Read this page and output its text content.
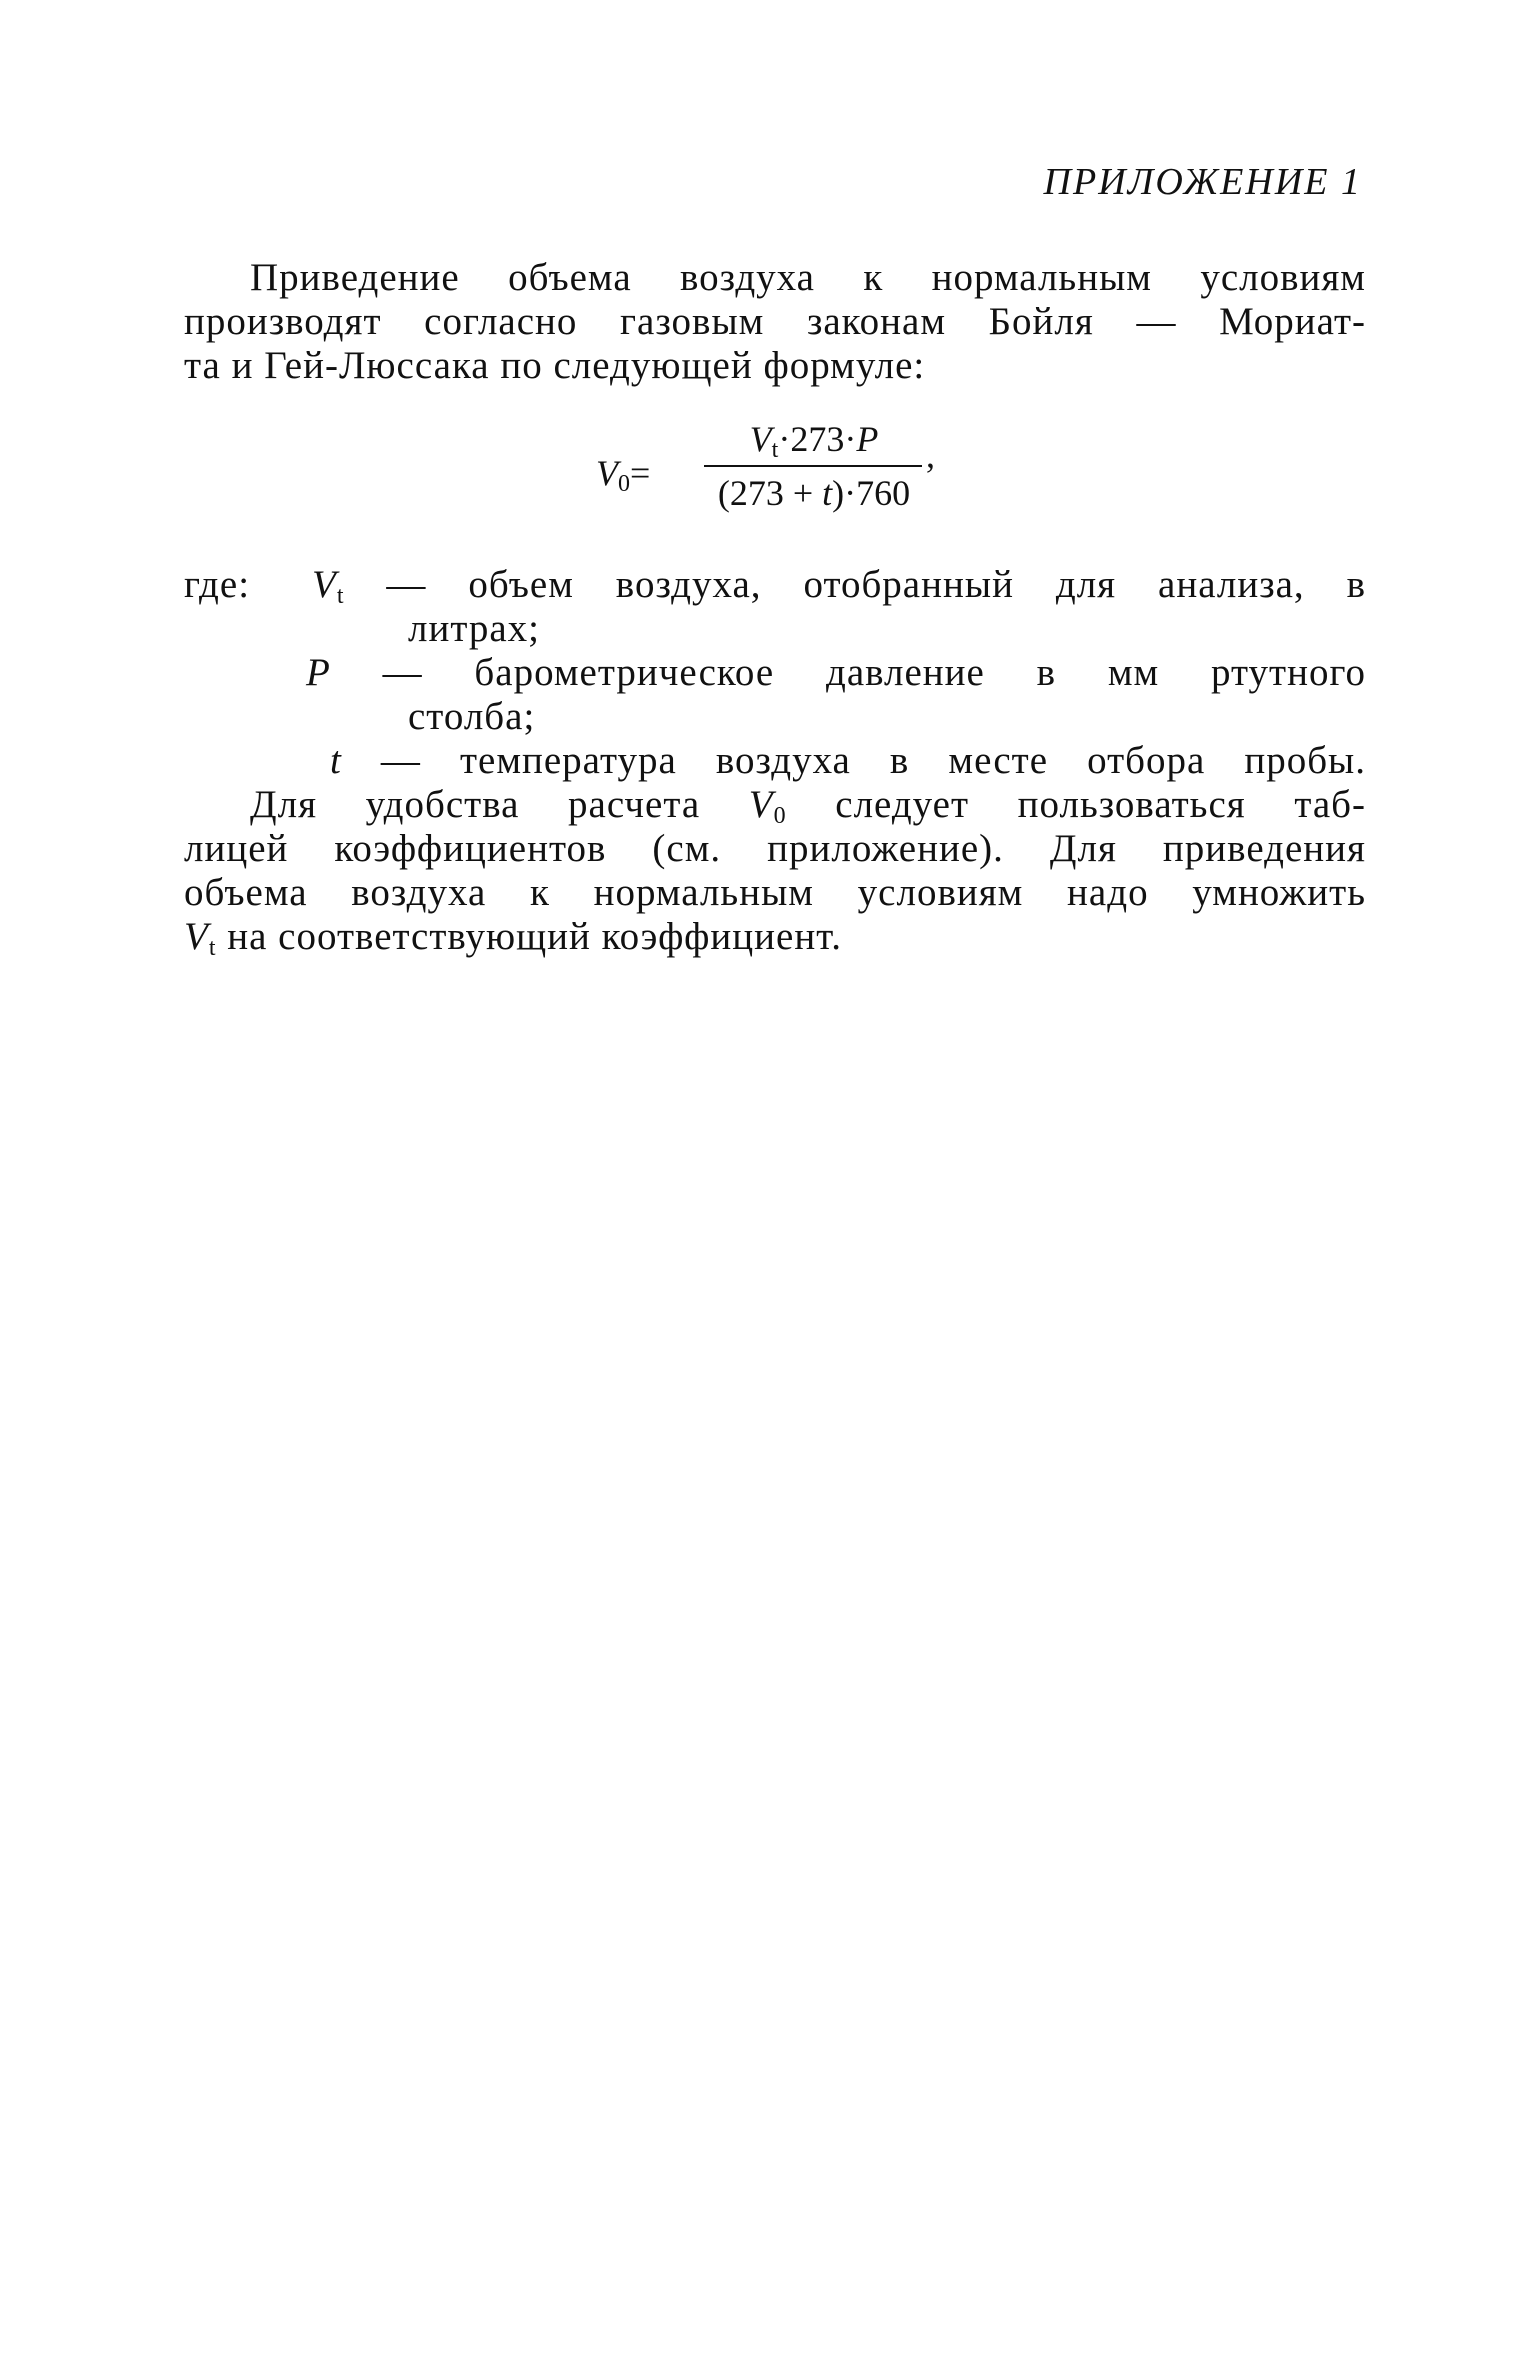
ПРИЛОЖЕНИЕ 1
Приведение объема воздуха к нормальным условиям
производят согласно газовым законам Бойля — Мориат-
та и Гей-Люссака по следующей формуле:
$V_0=$
$V_t\cdot 273\cdot P$
(273 + t)·760
,
где: $V_t$ — объем воздуха, отобранный для анализа, в
литрах;
P — барометрическое давление в мм ртутного
столба;
t — температура воздуха в месте отбора пробы.
Для удобства расчета $V_0$ следует пользоваться таб-
лицей коэффициентов (см. приложение). Для приведения
объема воздуха к нормальным условиям надо умножить
$V_t$ на соответствующий коэффициент.
